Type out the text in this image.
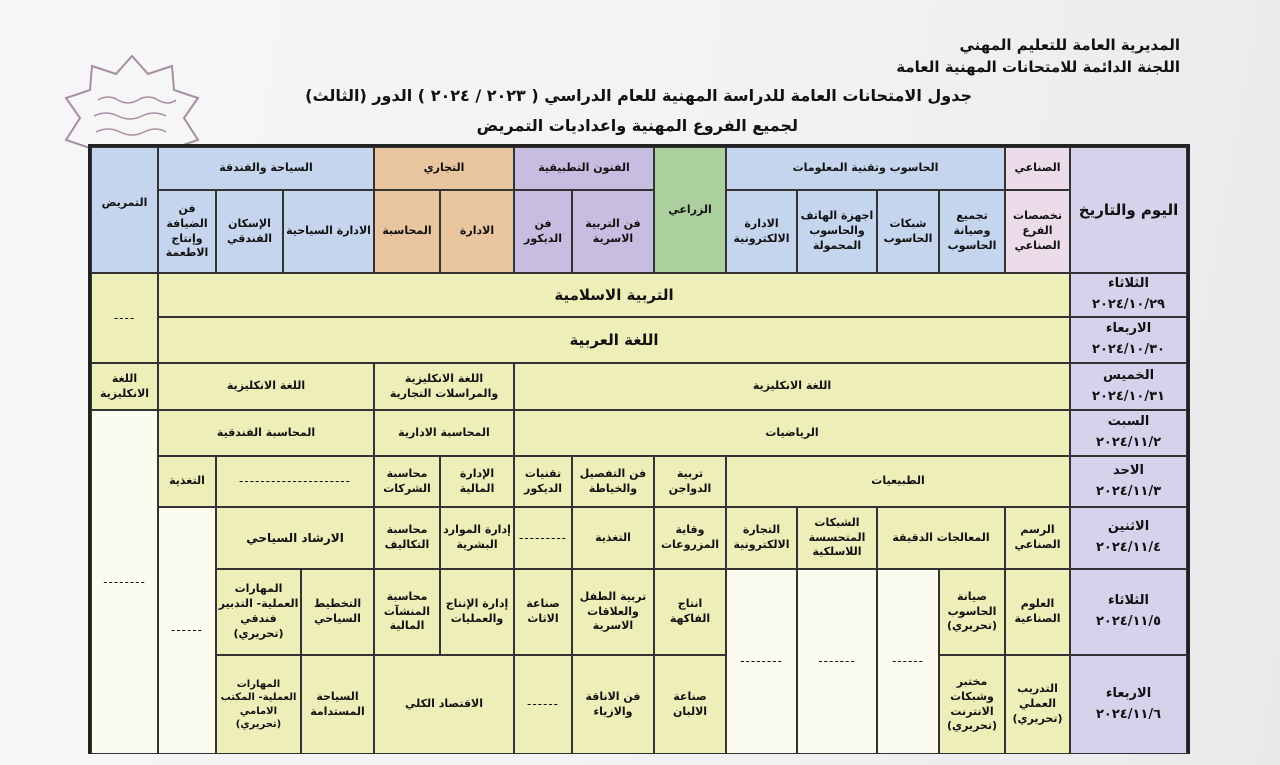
المديرية العامة للتعليم المهني
اللجنة الدائمة للامتحانات المهنية العامة
جدول الامتحانات العامة للدراسة المهنية للعام الدراسي ( ٢٠٢٣ / ٢٠٢٤ ) الدور (الثالث)
لجميع الفروع المهنية واعداديات التمريض
اليوم والتاريخ
الصناعي
تخصصات الفرع الصناعي
الحاسوب وتقنية المعلومات
تجميع وصيانة الحاسوب
شبكات الحاسوب
اجهزة الهاتف والحاسوب المحمولة
الادارة الالكترونية
الزراعي
الفنون التطبيقية
فن التربية الاسرية
فن الديكور
التجاري
الادارة
المحاسبة
السياحة والفندقة
الادارة السياحية
الإسكان الفندقي
فن الضيافة وإنتاج الاطعمة
التمريض
الثلاثاء
٢٠٢٤/١٠/٢٩
الاربعاء
٢٠٢٤/١٠/٣٠
الخميس
٢٠٢٤/١٠/٣١
السبت
٢٠٢٤/١١/٢
الاحد
٢٠٢٤/١١/٣
الاثنين
٢٠٢٤/١١/٤
الثلاثاء
٢٠٢٤/١١/٥
الاربعاء
٢٠٢٤/١١/٦
التربية الاسلامية
اللغة العربية
----
اللغة الانكليزية
اللغة الانكليزية والمراسلات التجارية
اللغة الانكليزية
اللغة الانكليزية
الرياضيات
المحاسبة الادارية
المحاسبة الفندقية
--------
الطبيعيات
تربية الدواجن
فن التفصيل والخياطة
تقنيات الديكور
الإدارة المالية
محاسبة الشركات
---------------------
التغذية
الرسم الصناعي
المعالجات الدقيقة
الشبكات المتحسسة اللاسلكية
التجارة الالكترونية
وقاية المزروعات
التغذية
---------
إدارة الموارد البشرية
محاسبة التكاليف
الارشاد السياحي
------
العلوم الصناعية
صيانة الحاسوب (تحريري)
------
-------
--------
انتاج الفاكهة
تربية الطفل والعلاقات الاسرية
صناعة الاثاث
إدارة الإنتاج والعمليات
محاسبة المنشآت المالية
التخطيط السياحي
المهارات العملية- التدبير فندقي (تحريري)
التدريب العملي (تحريري)
مختبر وشبكات الانترنت (تحريري)
صناعة الالبان
فن الاناقة والازياء
------
الاقتصاد الكلي
السياحة المستدامة
المهارات العملية- المكتب الامامي (تحريري)
